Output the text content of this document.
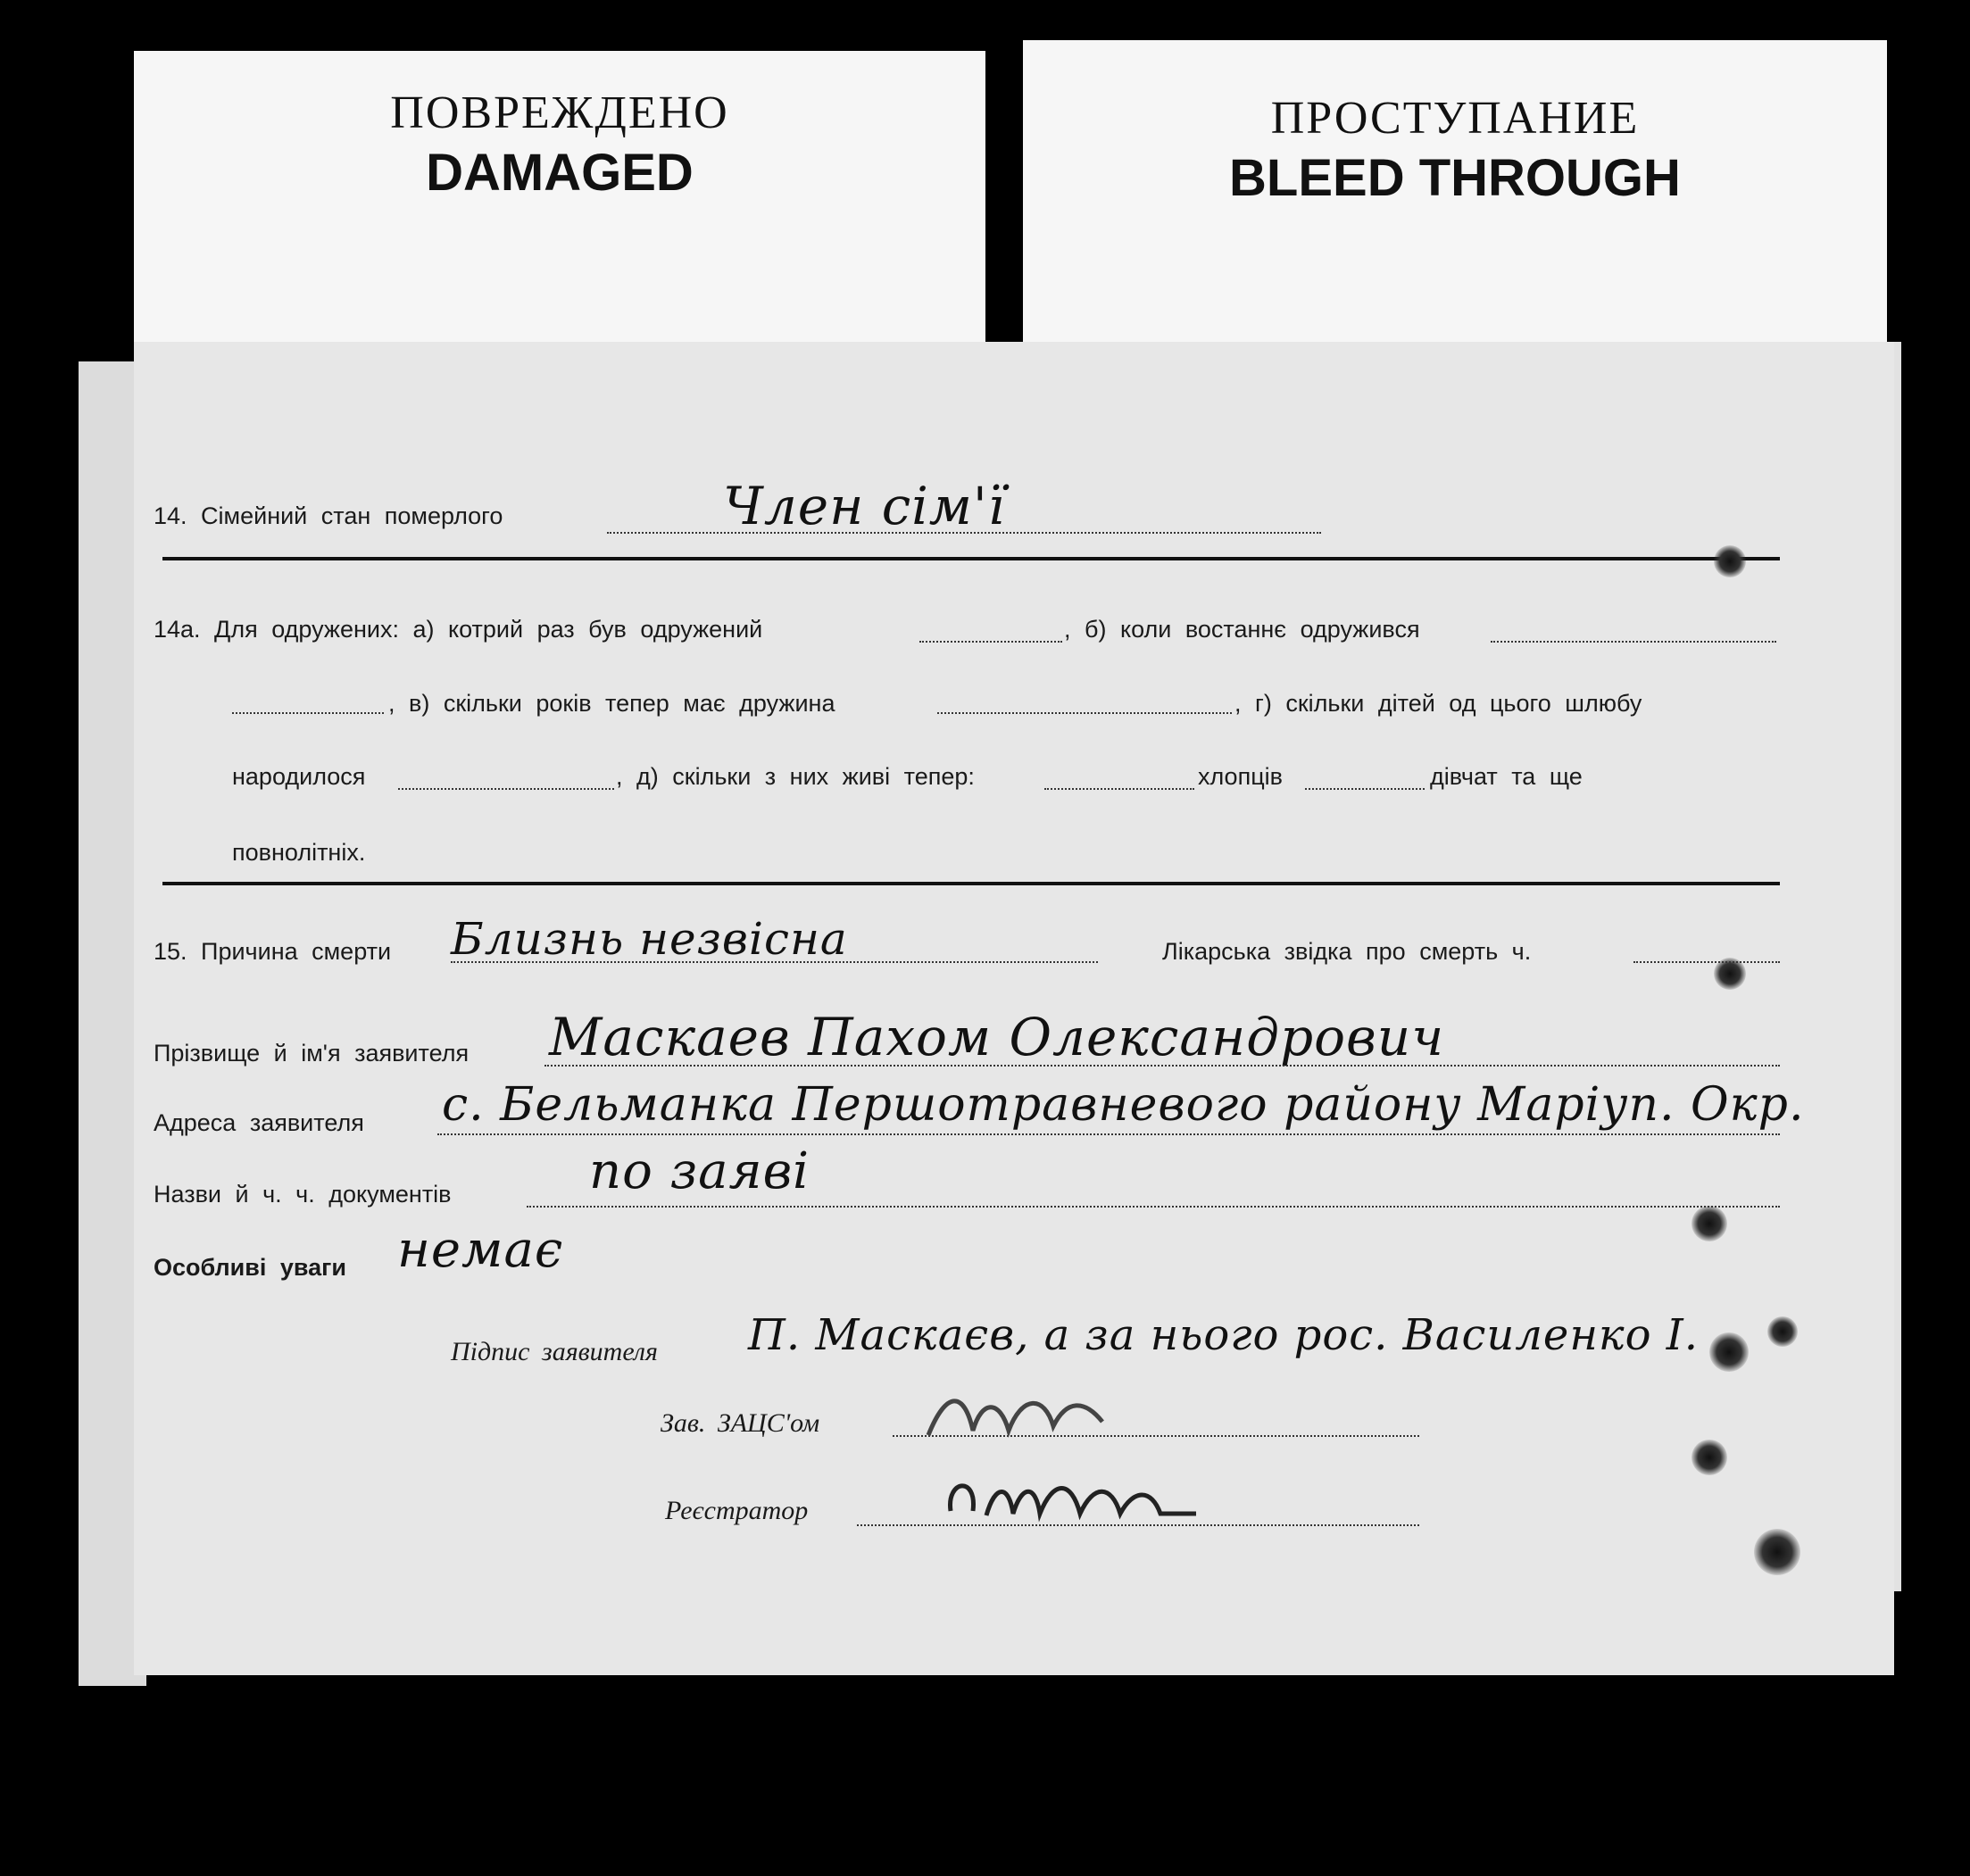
ПОВРЕЖДЕНО
DAMAGED
ПРОСТУПАНИЕ
BLEED THROUGH
14. Сімейний стан померлого	Член сім'ї
14а. Для одружених: а) котрий раз був одружений	, б) коли востаннє одружився
, в) скільки років тепер має дружина	, г) скільки дітей од цього шлюбу
народилося	, д) скільки з них живі тепер:	хлопців	дівчат та ще
повнолітніх.
15. Причина смерти Близнь незвісна	Лікарська звідка про смерть ч.
Прізвище й ім'я заявителя Маскаев Пахом Олександрович
Адреса заявителя с. Бельманка Першотравневого району Маріуп. Окр.
Назви й ч. ч. документів	по заяві
Особливі уваги немає
Підпис заявителя П. Маскаєв, а за нього рос. Василенко І.
Зав. ЗАЦС'ом
Реєстратор
